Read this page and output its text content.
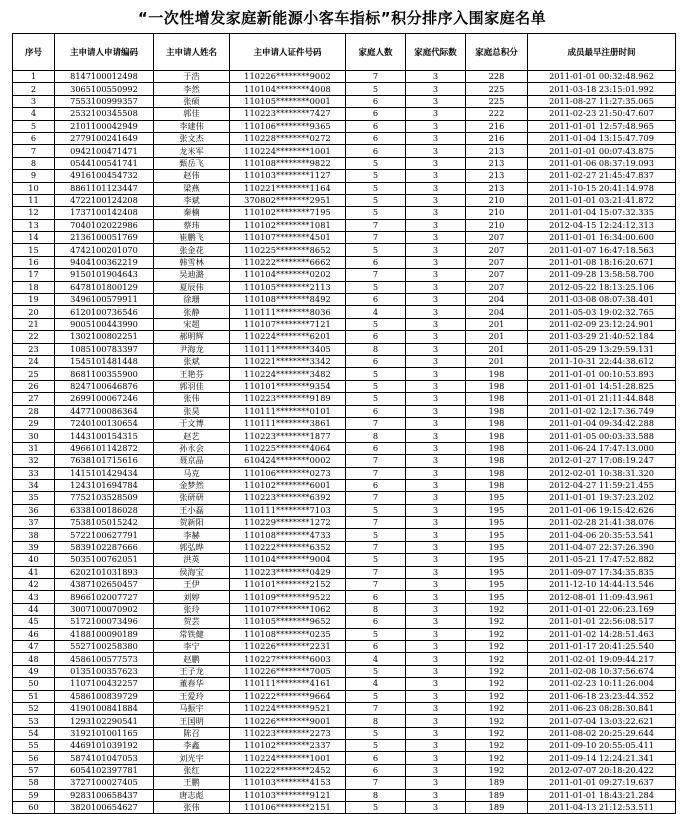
“一次性增发家庭新能源小客车指标”积分排序入围家庭名单
序号	主申请人申请编码	主申请人姓名	主申请人证件号码	家庭人数	家庭代际数	家庭总积分	成员最早注册时间
1	8147100012498	于浩	110226********9002	7	3	228	2011-01-01 00:32:48.962
2	3065100550992	李然	110104********4008	5	3	225	2011-03-18 23:15:01.992
3	7553100999357	张硕	110105********0001	6	3	225	2011-08-27 11:27:35.065
4	2532100345508	郭佳	110223********7427	6	3	222	2011-02-23 21:50:47.607
5	2101100042949	李建伟	110106********9365	6	3	216	2011-01-01 12:57:48.965
6	2779100241649	张文杰	110228********0272	6	3	216	2011-01-04 13:15:47.709
7	0942100471471	龙米军	110224********1001	6	3	213	2011-01-01 00:07:43.875
8	0544100541741	甄岳飞	110108********9822	5	3	213	2011-01-06 08:37:19.093
9	4916100454732	赵伟	110103********1127	5	3	213	2011-02-27 21:45:47.837
10	8861101123447	梁燕	110221********1164	5	3	213	2011-10-15 20:41:14.978
11	4722100124208	李斌	370802********2951	5	3	210	2011-01-01 03:21:41.872
12	1737100142408	秦楠	110102********7195	5	3	210	2011-01-04 15:07:32.335
13	7040102022986	蔡玮	110102********1081	7	3	210	2012-04-15 12:24:12.313
14	2136100051769	崔鹏飞	110107********4501	7	3	207	2011-01-01 16:34:00.600
15	4742100201070	张金花	110225********8652	5	3	207	2011-01-07 16:47:18.563
16	9404100362219	韩雪林	110222********6662	6	3	207	2011-01-08 18:16:20.671
17	9150101904643	吴迪潞	110104********0202	7	3	207	2011-09-28 13:58:58.700
18	6478101800129	夏辰伟	110105********2113	5	3	207	2012-05-22 18:13:25.106
19	3496100579911	徐珊	110108********8492	6	3	204	2011-03-08 08:07:38.401
20	6120100736546	张静	110111********8036	4	3	204	2011-05-03 19:02:32.765
21	9005100443990	宋超	110107********7121	5	3	201	2011-02-09 23:12:24.901
22	1302100802251	郝明辉	110224********6201	6	3	201	2011-03-29 21:40:52.184
23	1085100783397	尹海龙	110111********3405	8	3	201	2011-05-29 13:29:59.131
24	1545101481448	张斌	110221********3342	6	3	201	2011-10-31 22:44:38.612
25	8681100355900	王艳芬	110224********3482	5	3	198	2011-01-01 00:10:53.893
26	8247100646876	郭羽佳	110101********9354	5	3	198	2011-01-01 14:51:28.825
27	2699100067246	张伟	110223********9189	5	3	198	2011-01-01 21:11:44.848
28	4477100086364	张昊	110111********0101	6	3	198	2011-01-02 12:17:36.749
29	7240100130654	于文博	110111********3861	7	3	198	2011-01-04 09:34:42.288
30	1443100154315	赵艺	110223********1877	8	3	198	2011-01-05 00:03:33.588
31	4966101142872	孙永会	110225********4064	6	3	198	2011-06-24 17:47:13.000
32	7638101715616	聂京晶	610424********0002	7	3	198	2012-01-27 17:08:19.247
33	1415101429434	马克	110106********0273	7	3	198	2012-02-01 10:38:31.320
34	1243101694784	金梦然	110102********6001	6	3	198	2012-04-27 11:59:21.455
35	7752103528509	张研研	110223********6392	7	3	195	2011-01-01 19:37:23.202
36	6338100186028	王小磊	110111********7103	5	3	195	2011-01-06 19:15:42.626
37	7538105015242	贺新阳	110229********1272	7	3	195	2011-02-28 21:41:38.076
38	5722100627791	李赫	110108********4733	5	3	195	2011-04-06 20:35:53.541
39	5839102287666	郭弘晔	110222********6352	7	3	195	2011-04-07 22:37:26.390
40	5035100762051	洪英	110104********9004	5	3	195	2011-05-21 17:47:52.882
41	6202101031893	侯海宝	110223********0429	7	3	195	2011-09-07 17:34:35.835
42	4387102650457	王伊	110101********2152	7	3	195	2011-12-10 14:44:13.546
43	8966102007727	刘婷	110109********9522	6	3	195	2012-08-01 11:09:43.961
44	3007100070902	张玲	110107********1062	8	3	192	2011-01-01 22:06:23.169
45	5172100073496	贺芸	110105********9652	6	3	192	2011-01-01 22:56:08.517
46	4188100090189	常铁健	110108********0235	5	3	192	2011-01-02 14:28:51.463
47	5527100258380	李宁	110226********2231	6	3	192	2011-01-17 20:41:25.540
48	4586100577573	赵鹏	110227********6003	4	3	192	2011-02-01 19:09:44.217
49	0135100357623	王子龙	110226********7005	5	3	192	2011-02-08 10:37:56.674
50	1107100432257	董春华	110111********4161	4	3	192	2011-02-23 10:11:26.004
51	4586100839729	王爱玲	110222********9664	5	3	192	2011-06-18 23:23:44.352
52	4190100841884	马振宇	110224********9521	7	3	192	2011-06-23 08:28:30.841
53	1293102290541	王国明	110226********9001	8	3	192	2011-07-04 13:03:22.621
54	3192101001165	陈召	110223********2273	5	3	192	2011-08-02 20:25:29.644
55	4469101039192	李鑫	110102********2337	5	3	192	2011-09-10 20:55:05.411
56	5874101047053	刘光宇	110224********1001	6	3	192	2011-09-14 12:24:21.341
57	6054102397781	张红	110222********2452	6	3	192	2012-07-07 20:18:20.422
58	3727100027405	王鹏	110103********4153	7	3	189	2011-01-01 09:27:19.637
59	9283100658437	唐志彪	110103********9121	8	3	189	2011-01-01 18:43:21.284
60	3820100654627	张伟	110106********2151	5	3	189	2011-04-13 21:12:53.511
